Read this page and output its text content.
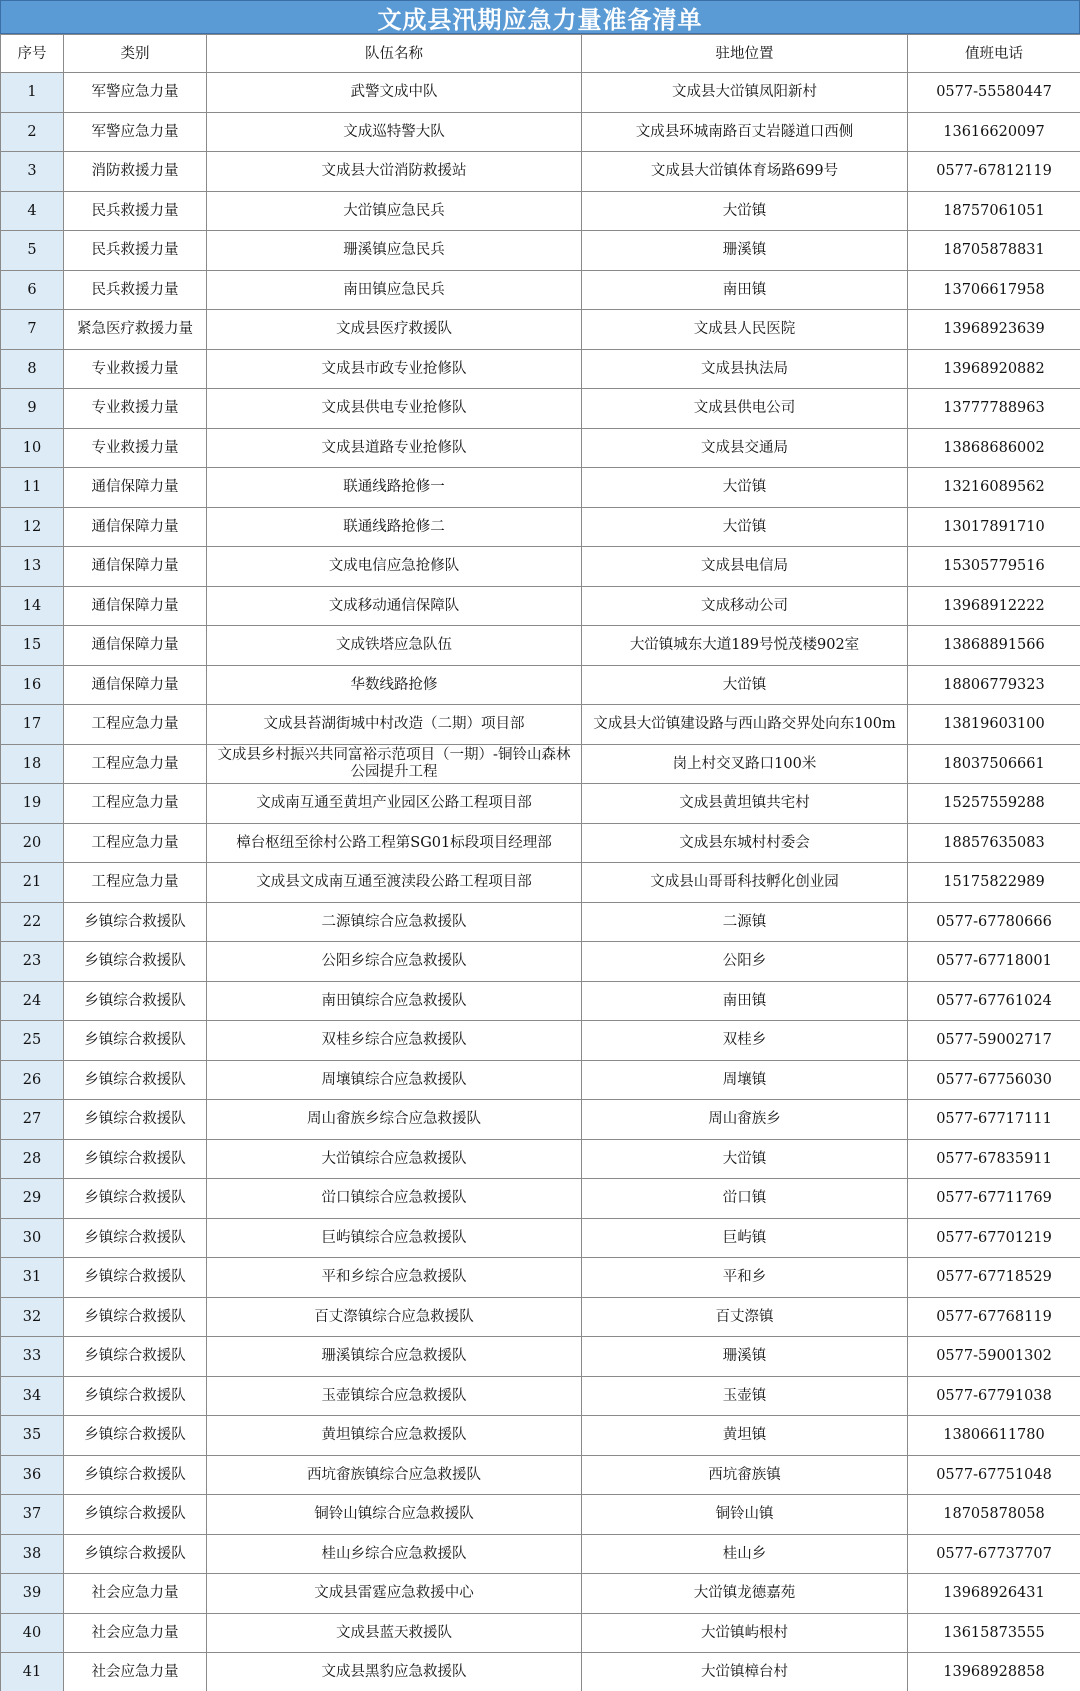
文成县汛期应急力量准备清单
序号	类别	队伍名称	驻地位置	值班电话
1	军警应急力量	武警文成中队	文成县大峃镇凤阳新村	0577-55580447
2	军警应急力量	文成巡特警大队	文成县环城南路百丈岩隧道口西侧	13616620097
3	消防救援力量	文成县大峃消防救援站	文成县大峃镇体育场路699号	0577-67812119
4	民兵救援力量	大峃镇应急民兵	大峃镇	18757061051
5	民兵救援力量	珊溪镇应急民兵	珊溪镇	18705878831
6	民兵救援力量	南田镇应急民兵	南田镇	13706617958
7	紧急医疗救援力量	文成县医疗救援队	文成县人民医院	13968923639
8	专业救援力量	文成县市政专业抢修队	文成县执法局	13968920882
9	专业救援力量	文成县供电专业抢修队	文成县供电公司	13777788963
10	专业救援力量	文成县道路专业抢修队	文成县交通局	13868686002
11	通信保障力量	联通线路抢修一	大峃镇	13216089562
12	通信保障力量	联通线路抢修二	大峃镇	13017891710
13	通信保障力量	文成电信应急抢修队	文成县电信局	15305779516
14	通信保障力量	文成移动通信保障队	文成移动公司	13968912222
15	通信保障力量	文成铁塔应急队伍	大峃镇城东大道189号悦茂楼902室	13868891566
16	通信保障力量	华数线路抢修	大峃镇	18806779323
17	工程应急力量	文成县苔湖街城中村改造（二期）项目部	文成县大峃镇建设路与西山路交界处向东100m	13819603100
18	工程应急力量	文成县乡村振兴共同富裕示范项目（一期）-铜铃山森林公园提升工程	岗上村交叉路口100米	18037506661
19	工程应急力量	文成南互通至黄坦产业园区公路工程项目部	文成县黄坦镇共宅村	15257559288
20	工程应急力量	樟台枢纽至徐村公路工程第SG01标段项目经理部	文成县东城村村委会	18857635083
21	工程应急力量	文成县文成南互通至渡渎段公路工程项目部	文成县山哥哥科技孵化创业园	15175822989
22	乡镇综合救援队	二源镇综合应急救援队	二源镇	0577-67780666
23	乡镇综合救援队	公阳乡综合应急救援队	公阳乡	0577-67718001
24	乡镇综合救援队	南田镇综合应急救援队	南田镇	0577-67761024
25	乡镇综合救援队	双桂乡综合应急救援队	双桂乡	0577-59002717
26	乡镇综合救援队	周壤镇综合应急救援队	周壤镇	0577-67756030
27	乡镇综合救援队	周山畲族乡综合应急救援队	周山畲族乡	0577-67717111
28	乡镇综合救援队	大峃镇综合应急救援队	大峃镇	0577-67835911
29	乡镇综合救援队	峃口镇综合应急救援队	峃口镇	0577-67711769
30	乡镇综合救援队	巨屿镇综合应急救援队	巨屿镇	0577-67701219
31	乡镇综合救援队	平和乡综合应急救援队	平和乡	0577-67718529
32	乡镇综合救援队	百丈漈镇综合应急救援队	百丈漈镇	0577-67768119
33	乡镇综合救援队	珊溪镇综合应急救援队	珊溪镇	0577-59001302
34	乡镇综合救援队	玉壶镇综合应急救援队	玉壶镇	0577-67791038
35	乡镇综合救援队	黄坦镇综合应急救援队	黄坦镇	13806611780
36	乡镇综合救援队	西坑畲族镇综合应急救援队	西坑畲族镇	0577-67751048
37	乡镇综合救援队	铜铃山镇综合应急救援队	铜铃山镇	18705878058
38	乡镇综合救援队	桂山乡综合应急救援队	桂山乡	0577-67737707
39	社会应急力量	文成县雷霆应急救援中心	大峃镇龙德嘉苑	13968926431
40	社会应急力量	文成县蓝天救援队	大峃镇屿根村	13615873555
41	社会应急力量	文成县黑豹应急救援队	大峃镇樟台村	13968928858
